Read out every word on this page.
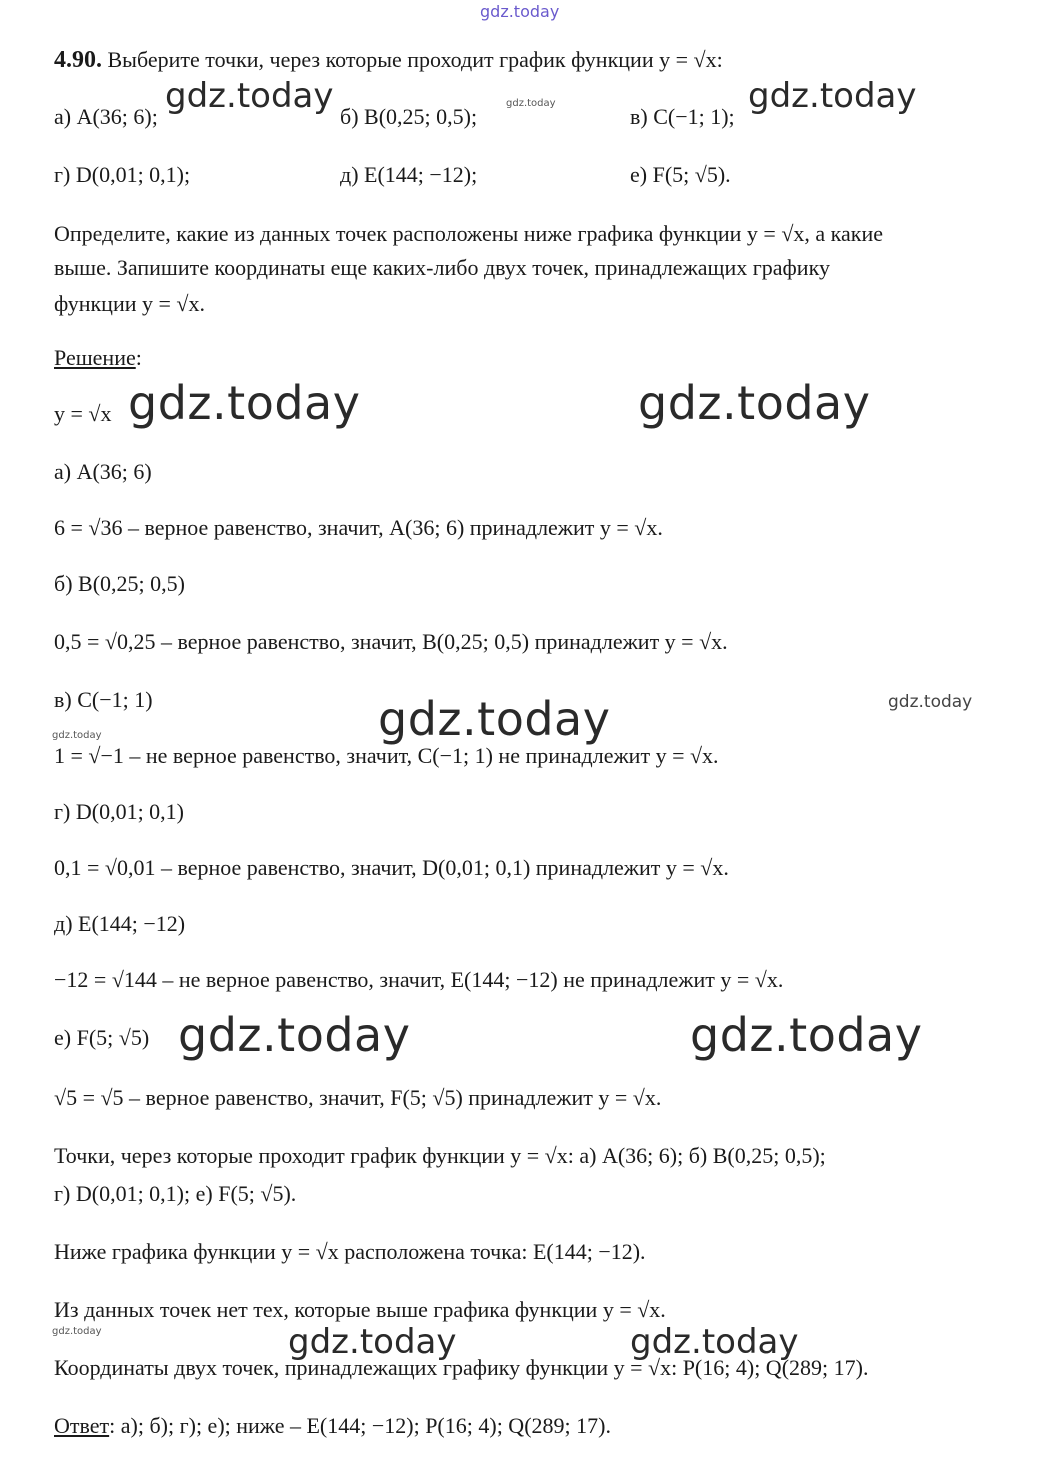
gdz.today
gdz.today	gdz.today	gdz.today
gdz.today	gdz.today
gdz.today	gdz.today
gdz.today
gdz.today	gdz.today
gdz.today	gdz.today	gdz.today
4.90. Выберите точки, через которые проходит график функции y = √x:
а) A(36; 6);	б) B(0,25; 0,5);	в) C(−1; 1);
г) D(0,01; 0,1);	д) E(144; −12);	е) F(5; √5).
Определите, какие из данных точек расположены ниже графика функции y = √x, а какие
выше. Запишите координаты еще каких-либо двух точек, принадлежащих графику
функции y = √x.
Решение:
y = √x
а) A(36; 6)
6 = √36 – верное равенство, значит, A(36; 6) принадлежит y = √x.
б) B(0,25; 0,5)
0,5 = √0,25 – верное равенство, значит, B(0,25; 0,5) принадлежит y = √x.
в) C(−1; 1)
1 = √−1 – не верное равенство, значит, C(−1; 1) не принадлежит y = √x.
г) D(0,01; 0,1)
0,1 = √0,01 – верное равенство, значит, D(0,01; 0,1) принадлежит y = √x.
д) E(144; −12)
−12 = √144 – не верное равенство, значит, E(144; −12) не принадлежит y = √x.
е) F(5; √5)
√5 = √5 – верное равенство, значит, F(5; √5) принадлежит y = √x.
Точки, через которые проходит график функции y = √x: а) A(36; 6); б) B(0,25; 0,5);
г) D(0,01; 0,1); е) F(5; √5).
Ниже графика функции y = √x расположена точка: E(144; −12).
Из данных точек нет тех, которые выше графика функции y = √x.
Координаты двух точек, принадлежащих графику функции y = √x: P(16; 4); Q(289; 17).
Ответ: а); б); г); е); ниже – E(144; −12); P(16; 4); Q(289; 17).
